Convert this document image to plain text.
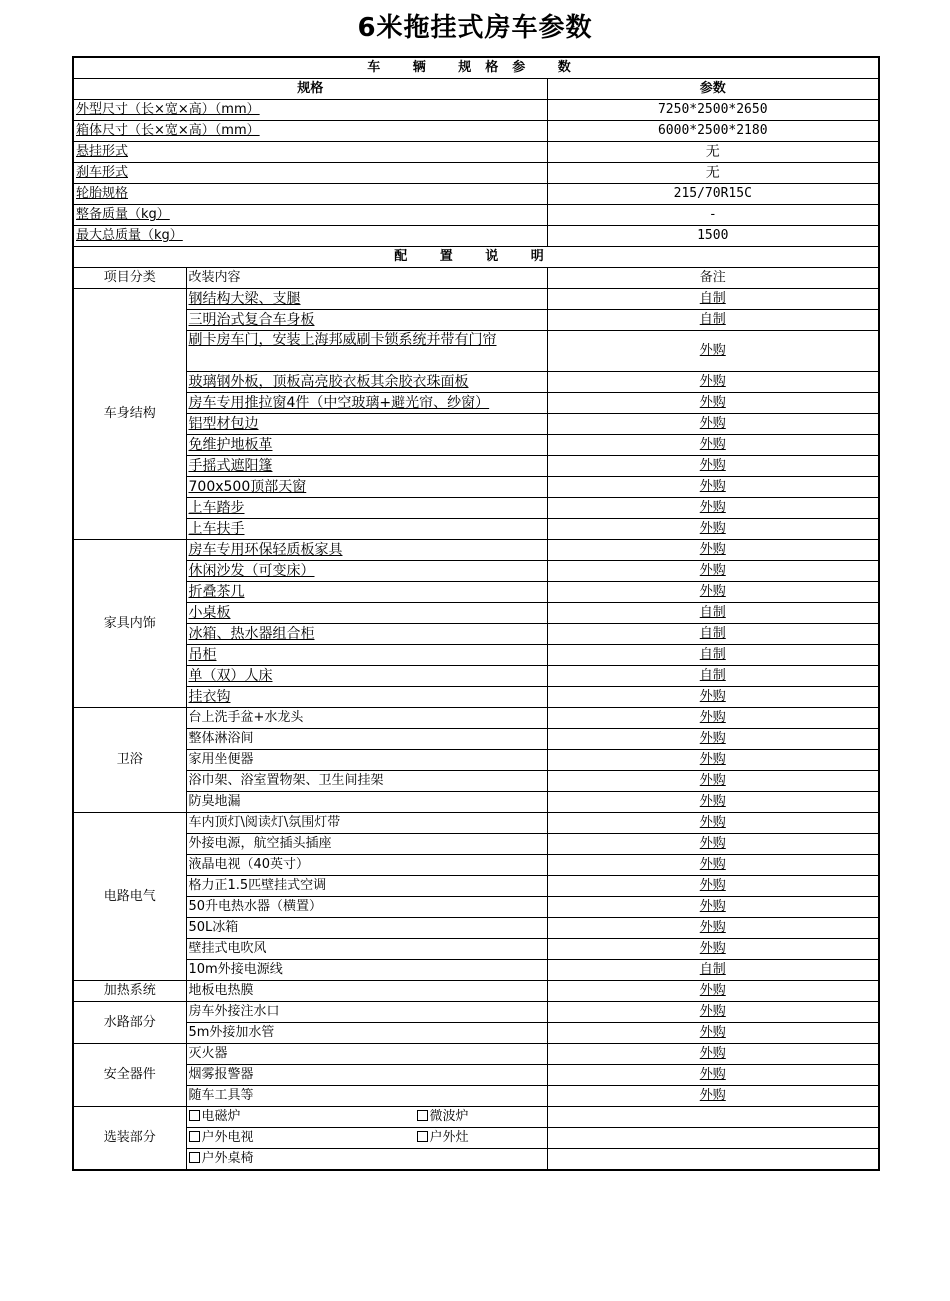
6米拖挂式房车参数
车 辆 规格参 数		
规格		参数
外型尺寸（长×宽×高）（mm）		7250*2500*2650
箱体尺寸（长×宽×高）（mm）		6000*2500*2180
悬挂形式		无
刹车形式		无
轮胎规格		215/70R15C
整备质量（kg）		-
最大总质量（kg）		1500
配 置 说 明		
项目分类	改装内容	备注
车身结构	钢结构大梁、支腿	自制
	三明治式复合车身板	自制
	刷卡房车门，安装上海邦威刷卡锁系统并带有门帘	外购
	玻璃钢外板，顶板高亮胶衣板其余胶衣珠面板	外购
	房车专用推拉窗4件（中空玻璃+避光帘、纱窗）	外购
	铝型材包边	外购
	免维护地板革	外购
	手摇式遮阳篷	外购
	700x500顶部天窗	外购
	上车踏步	外购
	上车扶手	外购
家具内饰	房车专用环保轻质板家具	外购
	休闲沙发（可变床）	外购
	折叠茶几	外购
	小桌板	自制
	冰箱、热水器组合柜	自制
	吊柜	自制
	单（双）人床	自制
	挂衣钩	外购
卫浴	台上洗手盆+水龙头	外购
	整体淋浴间	外购
	家用坐便器	外购
	浴巾架、浴室置物架、卫生间挂架	外购
	防臭地漏	外购
电路电气	车内顶灯\阅读灯\氛围灯带	外购
	外接电源，航空插头插座	外购
	液晶电视（40英寸）	外购
	格力正1.5匹壁挂式空调	外购
	50升电热水器（横置）	外购
	50L冰箱	外购
	壁挂式电吹风	外购
	10m外接电源线	自制
加热系统	地板电热膜	外购
水路部分	房车外接注水口	外购
	5m外接加水管	外购
安全器件	灭火器	外购
	烟雾报警器	外购
	随车工具等	外购
选装部分	电磁炉 微波炉	
	户外电视 户外灶	
	户外桌椅	
